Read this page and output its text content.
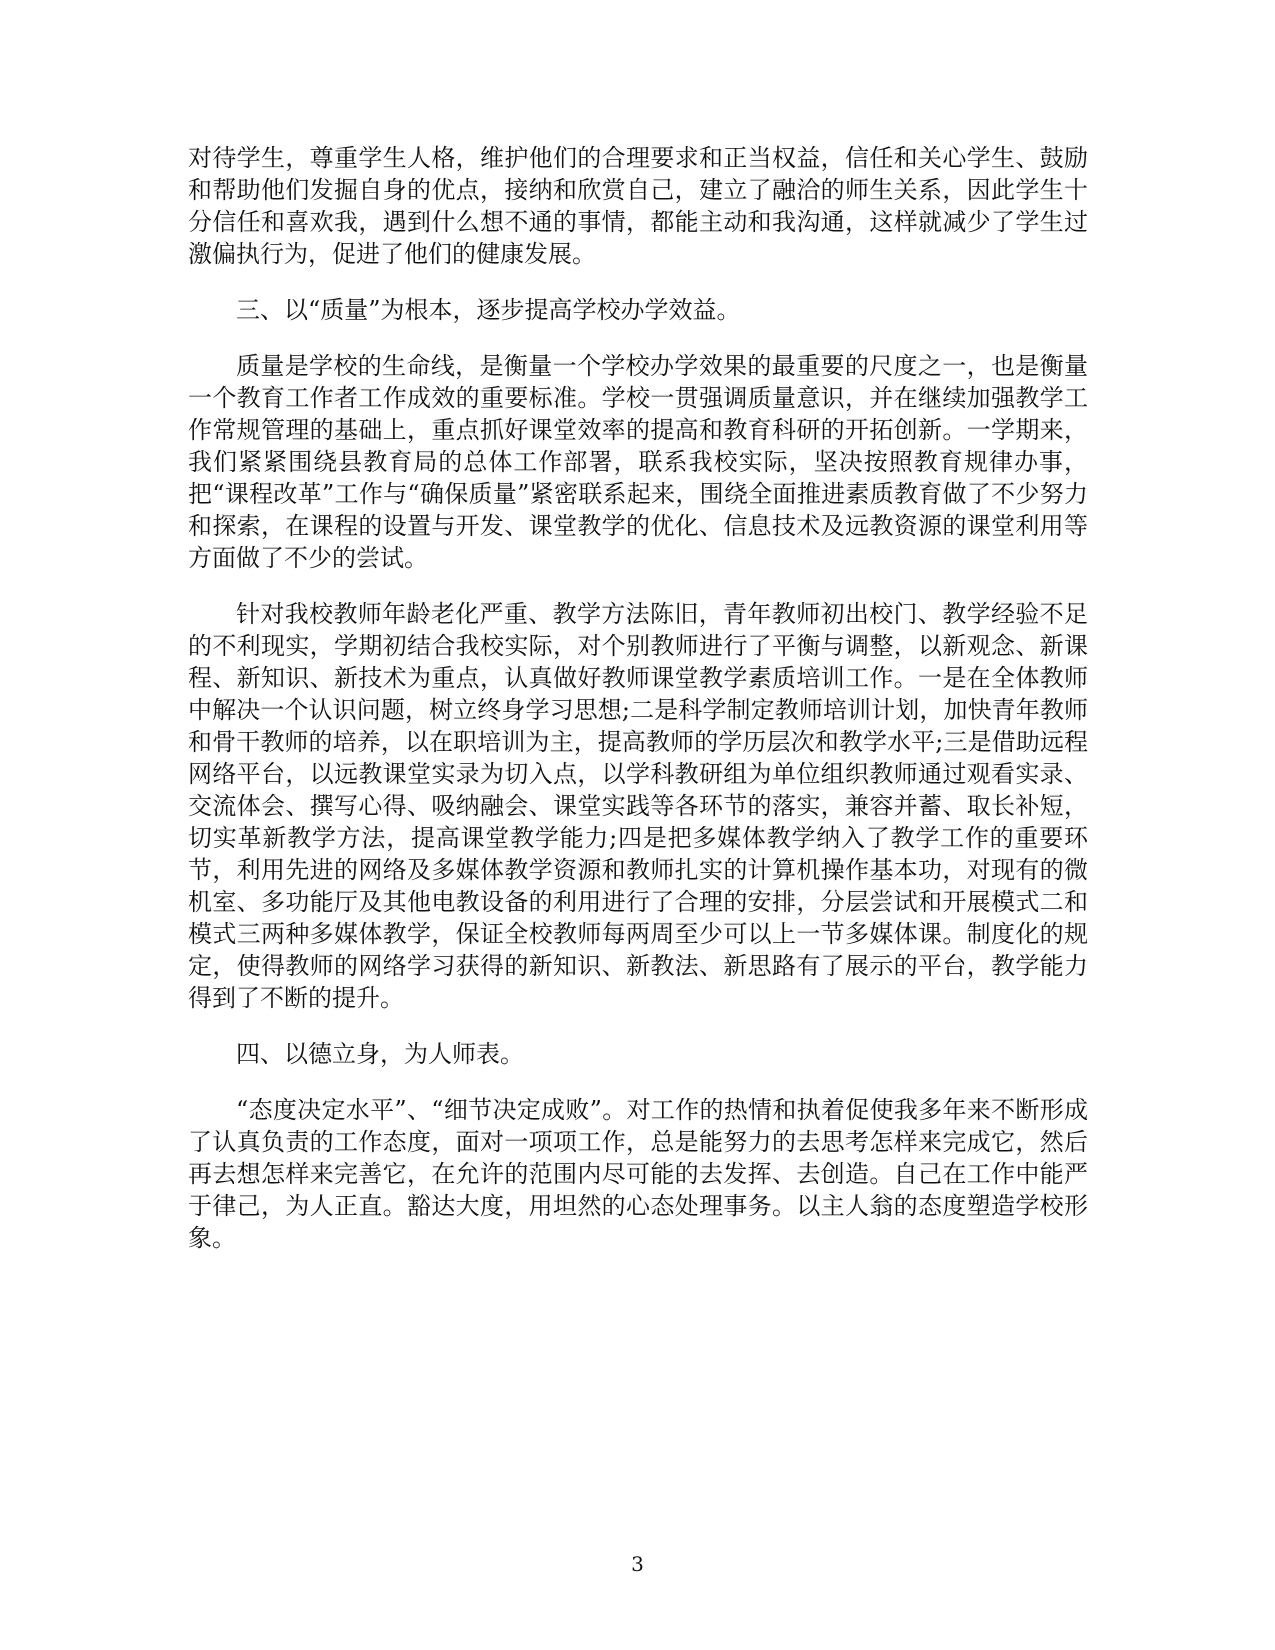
对待学生，尊重学生人格，维护他们的合理要求和正当权益，信任和关心学生、鼓励和帮助他们发掘自身的优点，接纳和欣赏自己，建立了融洽的师生关系，因此学生十分信任和喜欢我，遇到什么想不通的事情，都能主动和我沟通，这样就减少了学生过激偏执行为，促进了他们的健康发展。

三、以“质量”为根本，逐步提高学校办学效益。

质量是学校的生命线，是衡量一个学校办学效果的最重要的尺度之一，也是衡量一个教育工作者工作成效的重要标准。学校一贯强调质量意识，并在继续加强教学工作常规管理的基础上，重点抓好课堂效率的提高和教育科研的开拓创新。一学期来，我们紧紧围绕县教育局的总体工作部署，联系我校实际，坚决按照教育规律办事，把“课程改革”工作与“确保质量”紧密联系起来，围绕全面推进素质教育做了不少努力和探索，在课程的设置与开发、课堂教学的优化、信息技术及远教资源的课堂利用等方面做了不少的尝试。

针对我校教师年龄老化严重、教学方法陈旧，青年教师初出校门、教学经验不足的不利现实，学期初结合我校实际，对个别教师进行了平衡与调整，以新观念、新课程、新知识、新技术为重点，认真做好教师课堂教学素质培训工作。一是在全体教师中解决一个认识问题，树立终身学习思想;二是科学制定教师培训计划，加快青年教师和骨干教师的培养，以在职培训为主，提高教师的学历层次和教学水平;三是借助远程网络平台，以远教课堂实录为切入点，以学科教研组为单位组织教师通过观看实录、交流体会、撰写心得、吸纳融会、课堂实践等各环节的落实，兼容并蓄、取长补短，切实革新教学方法，提高课堂教学能力;四是把多媒体教学纳入了教学工作的重要环节，利用先进的网络及多媒体教学资源和教师扎实的计算机操作基本功，对现有的微机室、多功能厅及其他电教设备的利用进行了合理的安排，分层尝试和开展模式二和模式三两种多媒体教学，保证全校教师每两周至少可以上一节多媒体课。制度化的规定，使得教师的网络学习获得的新知识、新教法、新思路有了展示的平台，教学能力得到了不断的提升。

四、以德立身，为人师表。

“态度决定水平”、“细节决定成败”。对工作的热情和执着促使我多年来不断形成了认真负责的工作态度，面对一项项工作，总是能努力的去思考怎样来完成它，然后再去想怎样来完善它，在允许的范围内尽可能的去发挥、去创造。自己在工作中能严于律己，为人正直。豁达大度，用坦然的心态处理事务。以主人翁的态度塑造学校形象。

3
